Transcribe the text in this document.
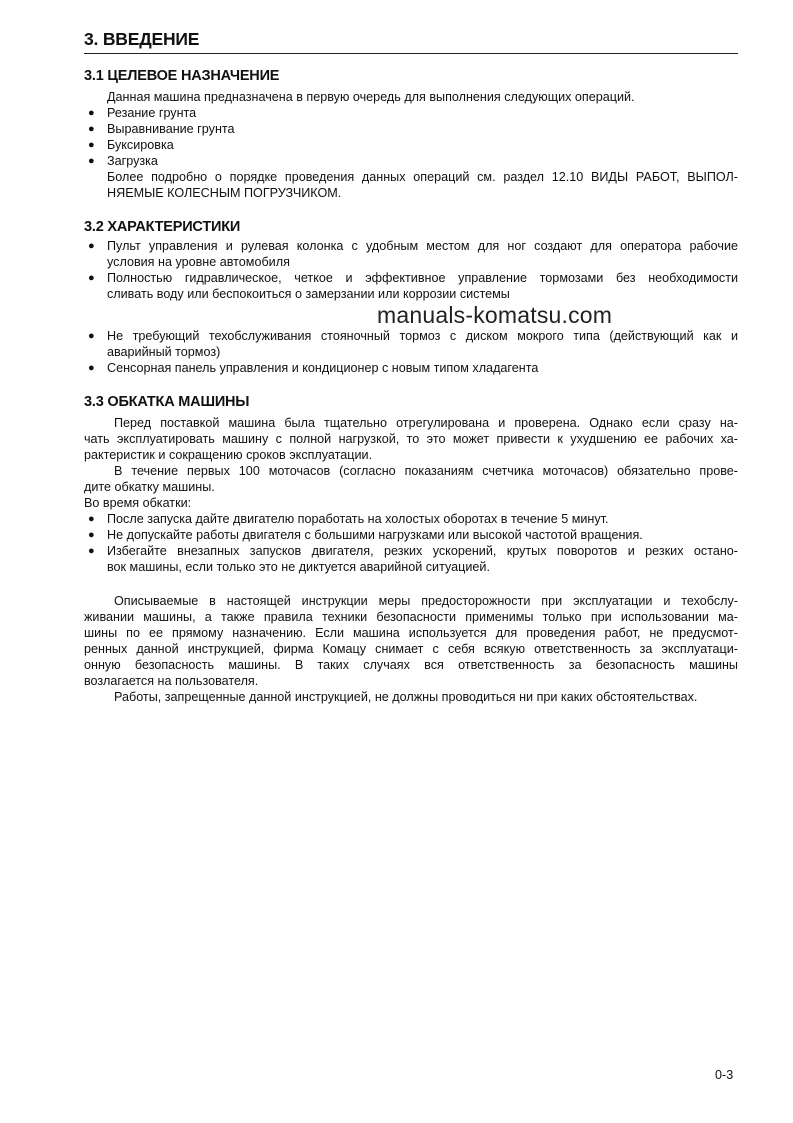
3. ВВЕДЕНИЕ
3.1 ЦЕЛЕВОЕ НАЗНАЧЕНИЕ
Данная машина предназначена в первую очередь для выполнения следующих операций.
● Резание грунта
● Выравнивание грунта
● Буксировка
● Загрузка
Более подробно о порядке проведения данных операций см. раздел 12.10 ВИДЫ РАБОТ, ВЫПОЛ-
НЯЕМЫЕ КОЛЕСНЫМ ПОГРУЗЧИКОМ.
3.2 ХАРАКТЕРИСТИКИ
● Пульт управления и рулевая колонка с удобным местом для ног создают для оператора рабочие
условия на уровне автомобиля
● Полностью гидравлическое, четкое и эффективное управление тормозами без необходимости
сливать воду или беспокоиться о замерзании или коррозии системы
manuals-komatsu.com
● Не требующий техобслуживания стояночный тормоз с диском мокрого типа (действующий как и
аварийный тормоз)
● Сенсорная панель управления и кондиционер с новым типом хладагента
3.3 ОБКАТКА МАШИНЫ
Перед поставкой машина была тщательно отрегулирована и проверена. Однако если сразу на-
чать эксплуатировать машину с полной нагрузкой, то это может привести к ухудшению ее рабочих ха-
рактеристик и сокращению сроков эксплуатации.
В течение первых 100 моточасов (согласно показаниям счетчика моточасов) обязательно прове-
дите обкатку машины.
Во время обкатки:
● После запуска дайте двигателю поработать на холостых оборотах в течение 5 минут.
● Не допускайте работы двигателя с большими нагрузками или высокой частотой вращения.
● Избегайте внезапных запусков двигателя, резких ускорений, крутых поворотов и резких остано-
вок машины, если только это не диктуется аварийной ситуацией.
Описываемые в настоящей инструкции меры предосторожности при эксплуатации и техобслу-
живании машины, а также правила техники безопасности применимы только при использовании ма-
шины по ее прямому назначению. Если машина используется для проведения работ, не предусмот-
ренных данной инструкцией, фирма Комацу снимает с себя всякую ответственность за эксплуатаци-
онную безопасность машины. В таких случаях вся ответственность за безопасность машины
возлагается на пользователя.
Работы, запрещенные данной инструкцией, не должны проводиться ни при каких обстоятельствах.
0-3
